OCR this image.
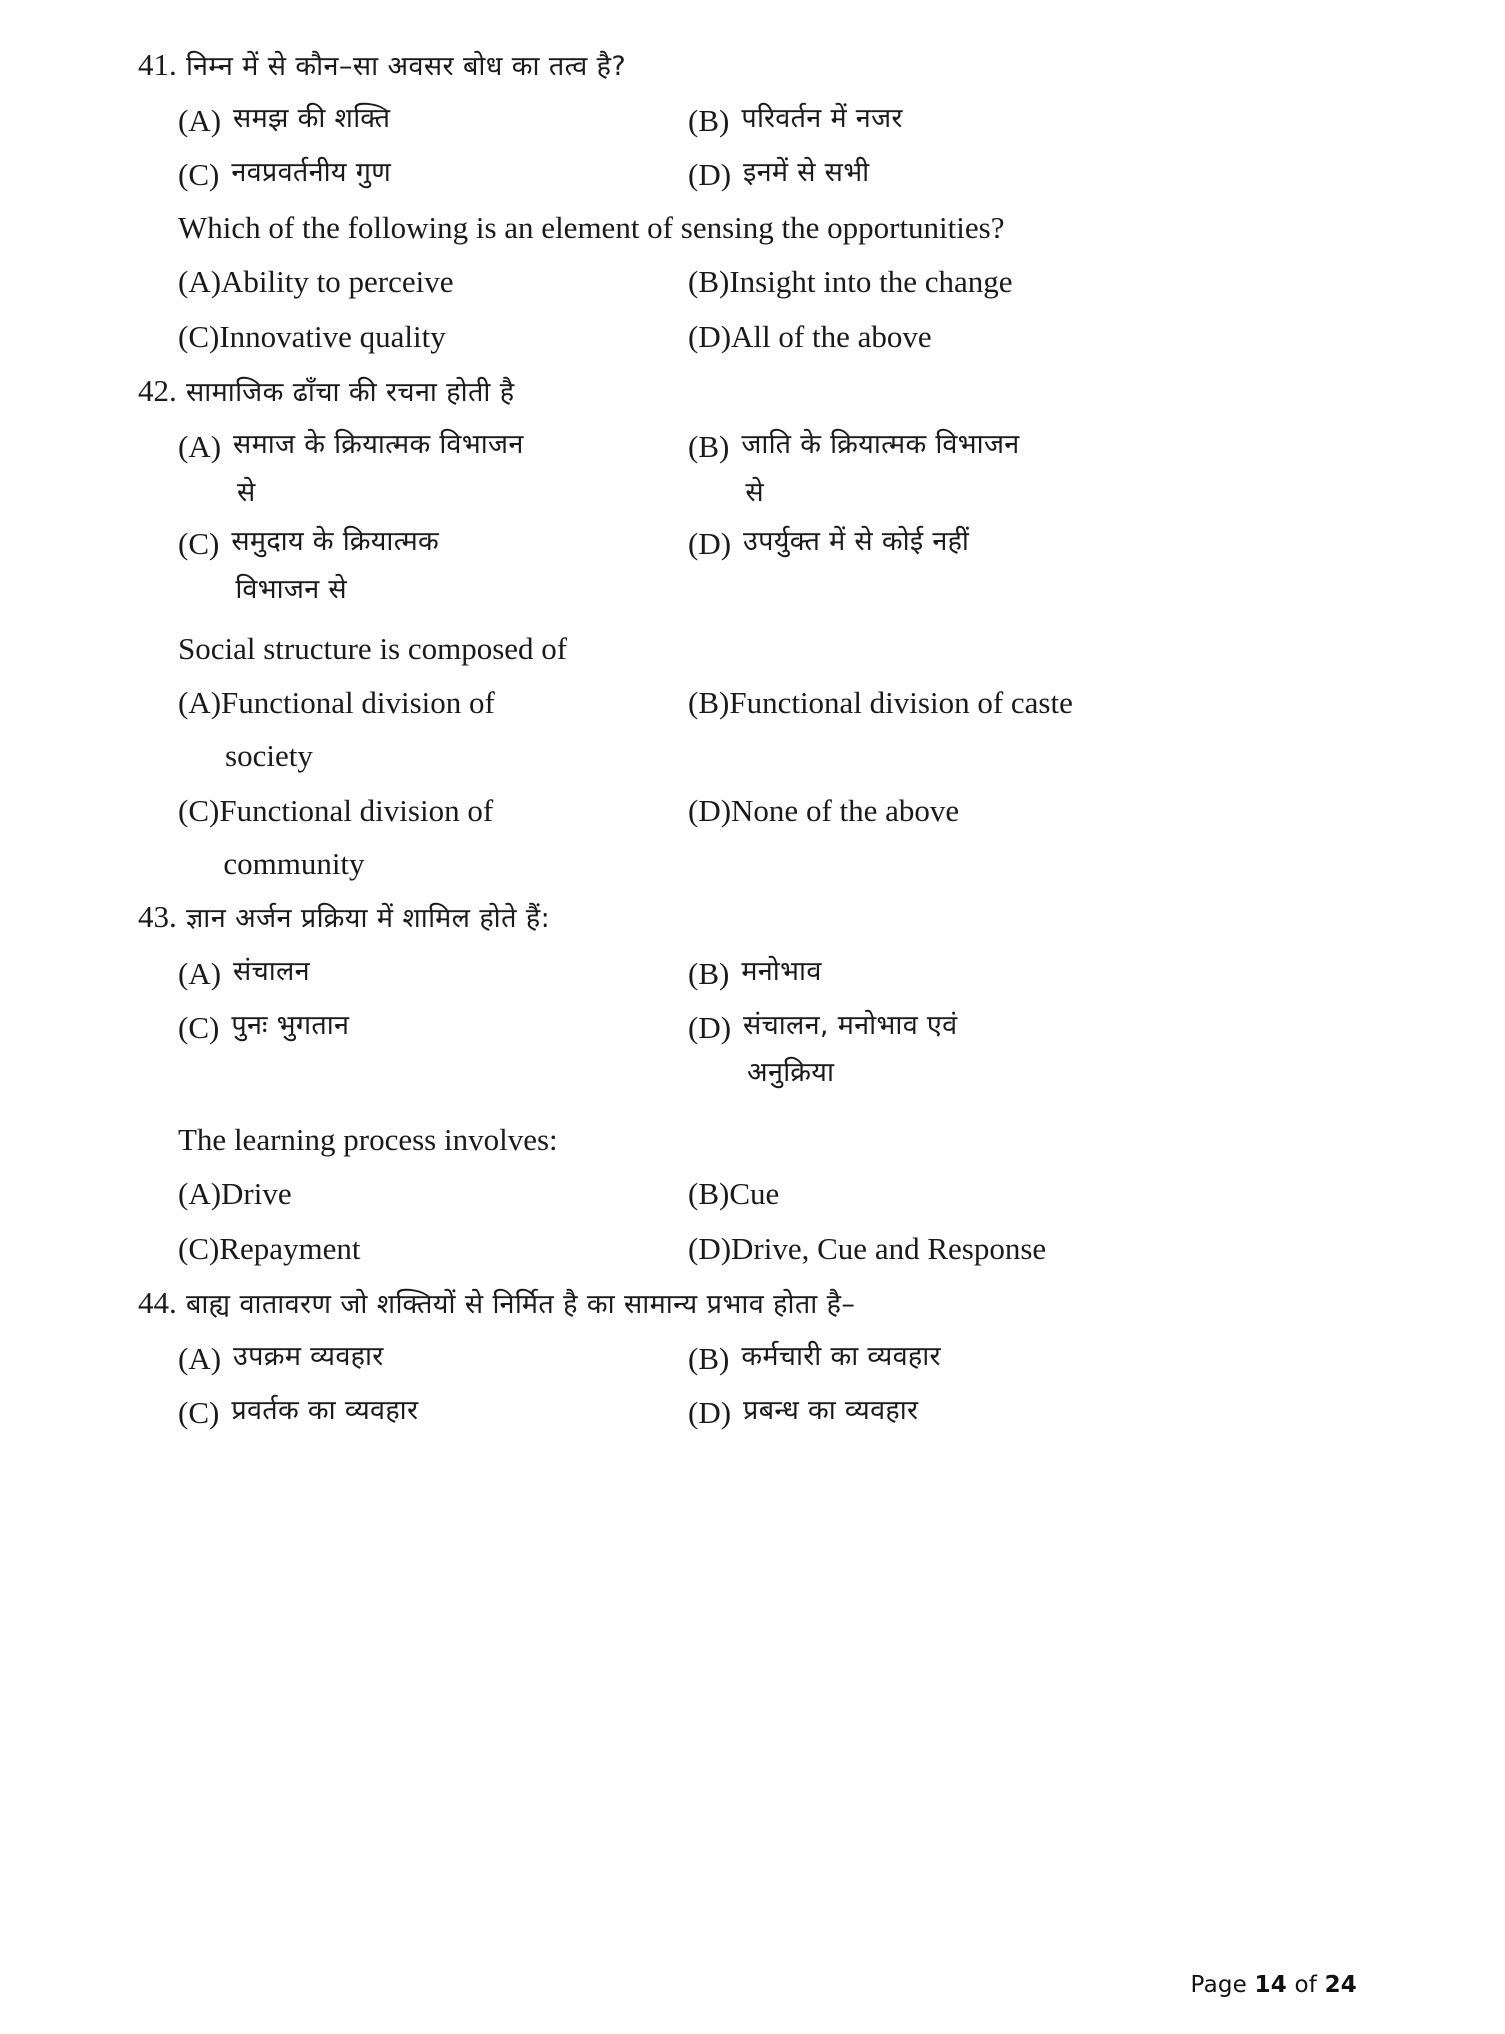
41. निम्न में से कौन–सा अवसर बोध का तत्व है?
(A) समझ की शक्ति	(B) परिवर्तन में नजर
(C) नवप्रवर्तनीय गुण	(D) इनमें से सभी
Which of the following is an element of sensing the opportunities?
(A) Ability to perceive	(B) Insight into the change
(C) Innovative quality	(D) All of the above
42. सामाजिक ढाँचा की रचना होती है
(A) समाज के क्रियात्मक विभाजन
से
(B) जाति के क्रियात्मक विभाजन
से
(C) समुदाय के क्रियात्मक
विभाजन से
(D) उपर्युक्त में से कोई नहीं
Social structure is composed of
(A) Functional division of
society
(B) Functional division of caste
(C) Functional division of
community
(D) None of the above
43. ज्ञान अर्जन प्रक्रिया में शामिल होते हैं:
(A) संचालन	(B) मनोभाव
(C) पुनः भुगतान	(D) संचालन, मनोभाव एवं
अनुक्रिया
The learning process involves:
(A) Drive	(B) Cue
(C) Repayment	(D) Drive, Cue and Response
44. बाह्य वातावरण जो शक्तियों से निर्मित है का सामान्य प्रभाव होता है–
(A) उपक्रम व्यवहार	(B) कर्मचारी का व्यवहार
(C) प्रवर्तक का व्यवहार	(D) प्रबन्ध का व्यवहार
Page 14 of 24
